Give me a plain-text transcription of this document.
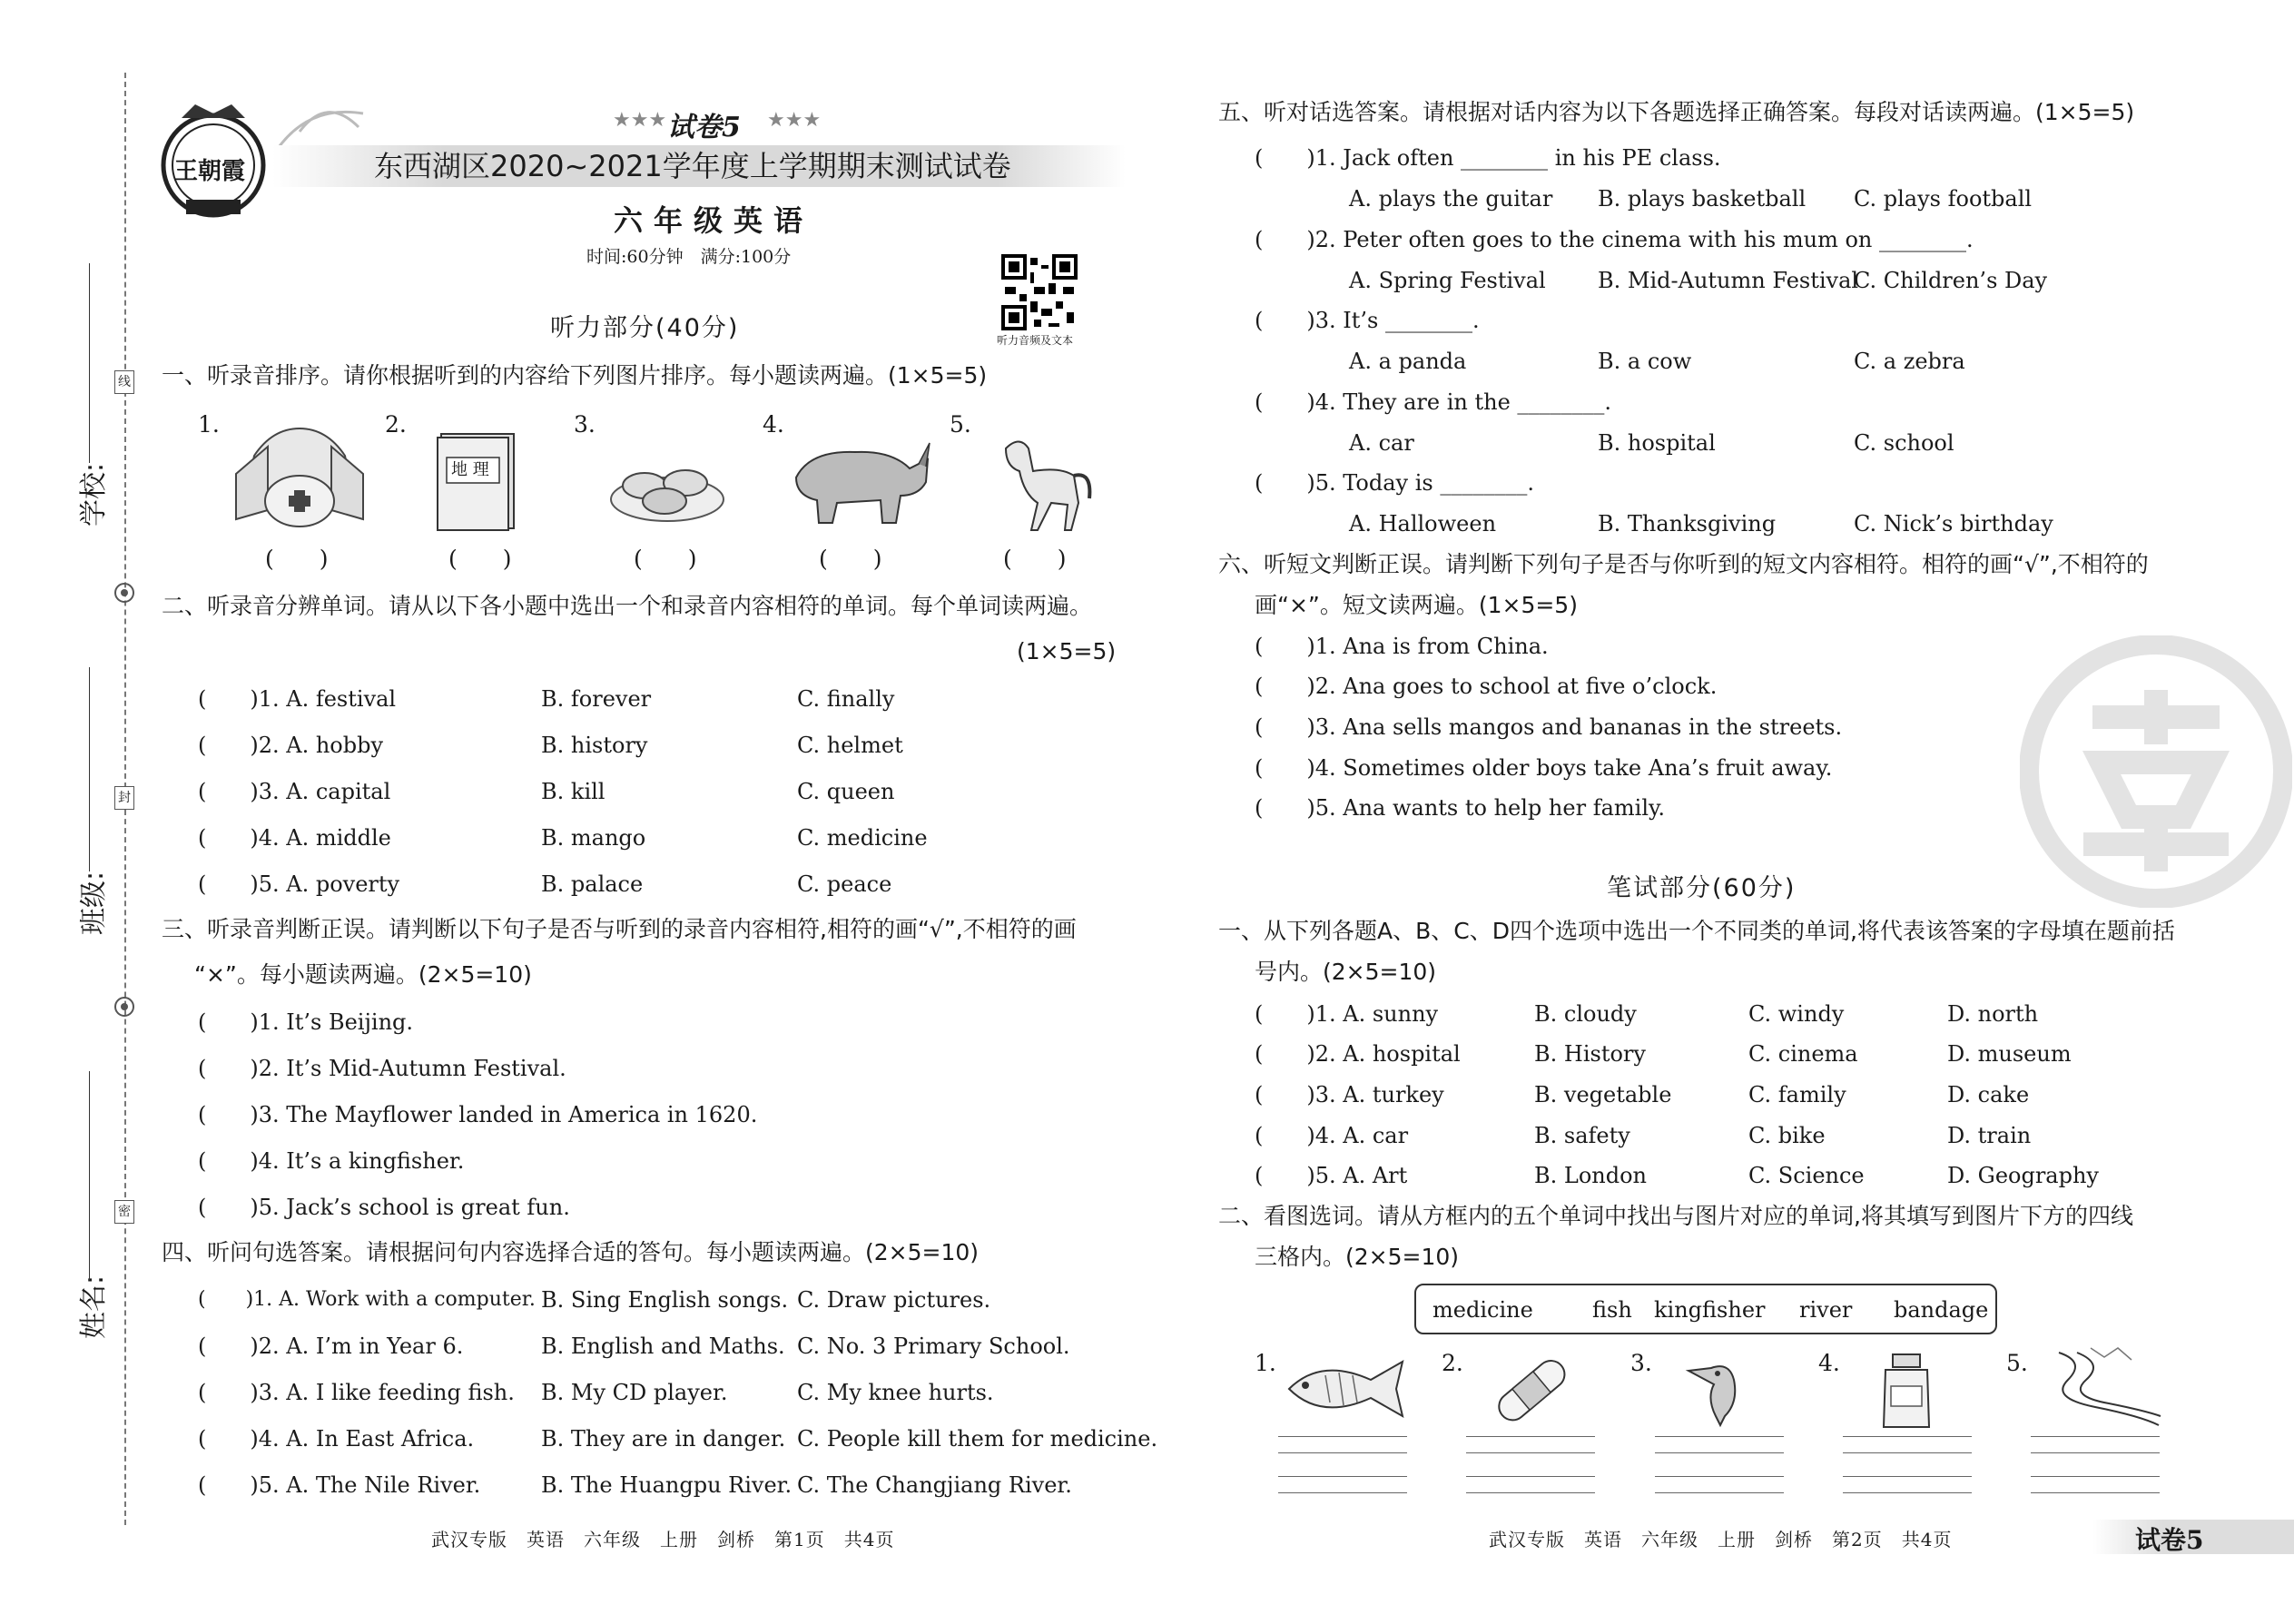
学校:
班级:
姓名:
线
封
密
王朝霞
★★★ 试卷5 ★★★
东西湖区2020~2021学年度上学期期末测试试卷
六年级英语
时间:60分钟　满分:100分
听力音频及文本
听力部分(40分)
一、听录音排序。请你根据听到的内容给下列图片排序。每小题读两遍。(1×5=5)
1.	2.	3.	4.	5.
地 理
(　　)	(　　)	(　　)	(　　)	(　　)
二、听录音分辨单词。请从以下各小题中选出一个和录音内容相符的单词。每个单词读两遍。
(1×5=5)
(　　)1. A. festival	B. forever	C. finally
(　　)2. A. hobby	B. history	C. helmet
(　　)3. A. capital	B. kill	C. queen
(　　)4. A. middle	B. mango	C. medicine
(　　)5. A. poverty	B. palace	C. peace
三、听录音判断正误。请判断以下句子是否与听到的录音内容相符,相符的画“√”,不相符的画
“×”。每小题读两遍。(2×5=10)
(　　)1. It’s Beijing.
(　　)2. It’s Mid-Autumn Festival.
(　　)3. The Mayflower landed in America in 1620.
(　　)4. It’s a kingfisher.
(　　)5. Jack’s school is great fun.
四、听问句选答案。请根据问句内容选择合适的答句。每小题读两遍。(2×5=10)
(　　)1. A. Work with a computer. B. Sing English songs. C. Draw pictures.
(　　)2. A. I’m in Year 6.	B. English and Maths. C. No. 3 Primary School.
(　　)3. A. I like feeding fish. B. My CD player.	C. My knee hurts.
(　　)4. A. In East Africa.	B. They are in danger. C. People kill them for medicine.
(　　)5. A. The Nile River.	B. The Huangpu River. C. The Changjiang River.
武汉专版　英语　六年级　上册　剑桥　第1页　共4页
五、听对话选答案。请根据对话内容为以下各题选择正确答案。每段对话读两遍。(1×5=5)
(　　)1. Jack often ________ in his PE class.
A. plays the guitar B. plays basketball C. plays football
(　　)2. Peter often goes to the cinema with his mum on ________.
A. Spring Festival B. Mid-Autumn Festival
C. Children’s Day
(　　)3. It’s ________.
A. a panda	B. a cow	C. a zebra
(　　)4. They are in the ________.
A. car	B. hospital	C. school
(　　)5. Today is ________.
A. Halloween	B. Thanksgiving	C. Nick’s birthday
六、听短文判断正误。请判断下列句子是否与你听到的短文内容相符。相符的画“√”,不相符的
画“×”。短文读两遍。(1×5=5)
(　　)1. Ana is from China.
(　　)2. Ana goes to school at five o’clock.
(　　)3. Ana sells mangos and bananas in the streets.
(　　)4. Sometimes older boys take Ana’s fruit away.
(　　)5. Ana wants to help her family.
笔试部分(60分)
一、从下列各题A、B、C、D四个选项中选出一个不同类的单词,将代表该答案的字母填在题前括
号内。(2×5=10)
(　　)1. A. sunny	B. cloudy	C. windy	D. north
(　　)2. A. hospital	B. History	C. cinema	D. museum
(　　)3. A. turkey	B. vegetable	C. family	D. cake
(　　)4. A. car	B. safety	C. bike	D. train
(　　)5. A. Art	B. London	C. Science	D. Geography
二、看图选词。请从方框内的五个单词中找出与图片对应的单词,将其填写到图片下方的四线
三格内。(2×5=10)
medicine	fish kingfisher river bandage
1.	2.	3.	4.	5.
武汉专版　英语　六年级　上册　剑桥　第2页　共4页	试卷5
